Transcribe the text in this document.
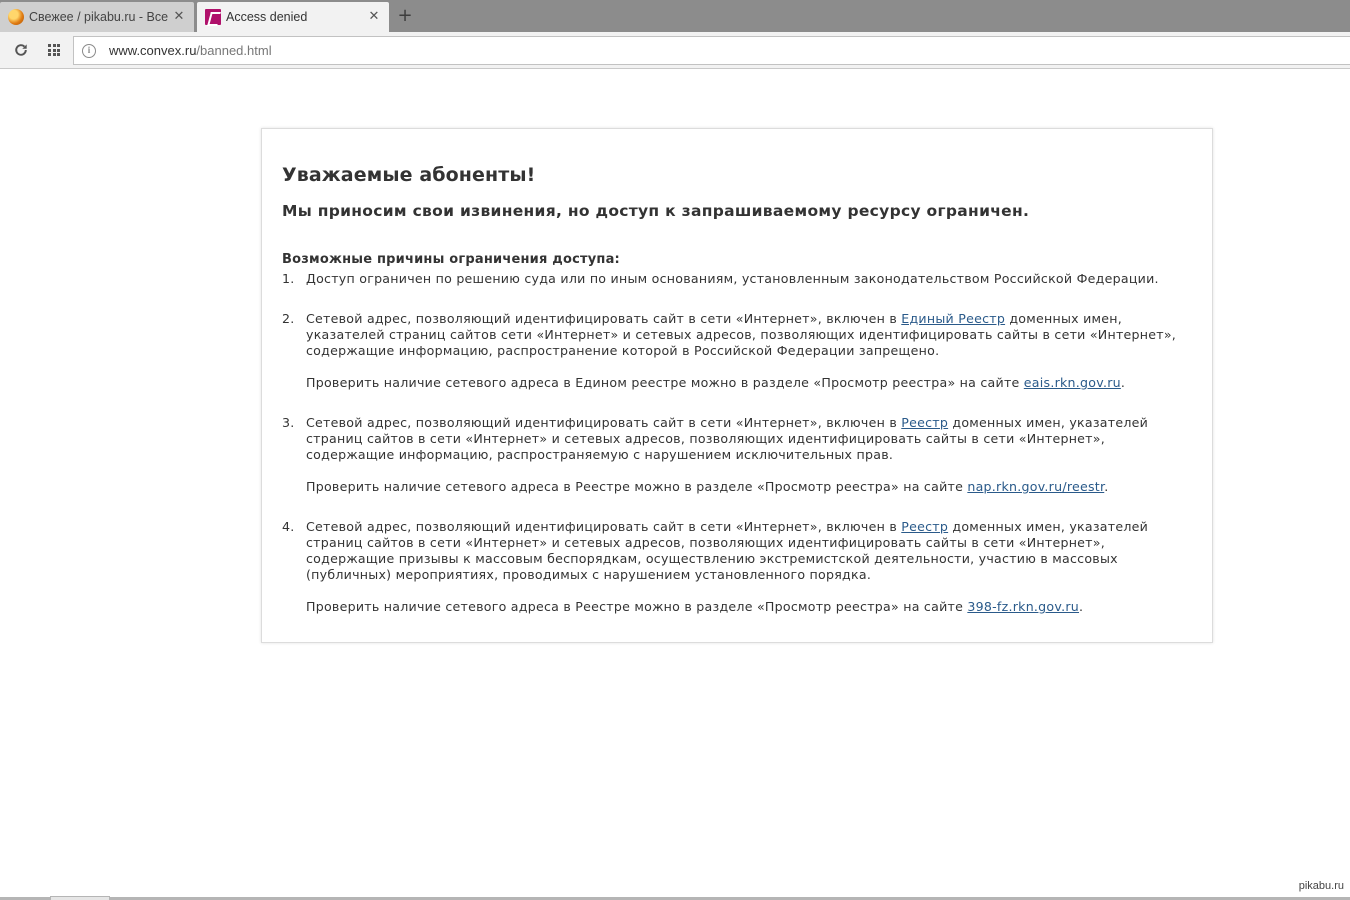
Свежее / pikabu.ru - Все ✕	Access denied	✕ +
i	www.convex.ru/banned.html
Уважаемые абоненты!
Мы приносим свои извинения, но доступ к запрашиваемому ресурсу ограничен.
Возможные причины ограничения доступа:
1. Доступ ограничен по решению суда или по иным основаниям, установленным законодательством Российской Федерации.
2. Сетевой адрес, позволяющий идентифицировать сайт в сети «Интернет», включен в Единый Реестр доменных имен, указателей страниц сайтов сети «Интернет» и сетевых адресов, позволяющих идентифицировать сайты в сети «Интернет», содержащие информацию, распространение которой в Российской Федерации запрещено.
Проверить наличие сетевого адреса в Едином реестре можно в разделе «Просмотр реестра» на сайте eais.rkn.gov.ru.
3. Сетевой адрес, позволяющий идентифицировать сайт в сети «Интернет», включен в Реестр доменных имен, указателей страниц сайтов в сети «Интернет» и сетевых адресов, позволяющих идентифицировать сайты в сети «Интернет», содержащие информацию, распространяемую с нарушением исключительных прав.
Проверить наличие сетевого адреса в Реестре можно в разделе «Просмотр реестра» на сайте nap.rkn.gov.ru/reestr.
4. Сетевой адрес, позволяющий идентифицировать сайт в сети «Интернет», включен в Реестр доменных имен, указателей страниц сайтов в сети «Интернет» и сетевых адресов, позволяющих идентифицировать сайты в сети «Интернет», содержащие призывы к массовым беспорядкам, осуществлению экстремистской деятельности, участию в массовых (публичных) мероприятиях, проводимых с нарушением установленного порядка.
Проверить наличие сетевого адреса в Реестре можно в разделе «Просмотр реестра» на сайте 398-fz.rkn.gov.ru.
pikabu.ru
